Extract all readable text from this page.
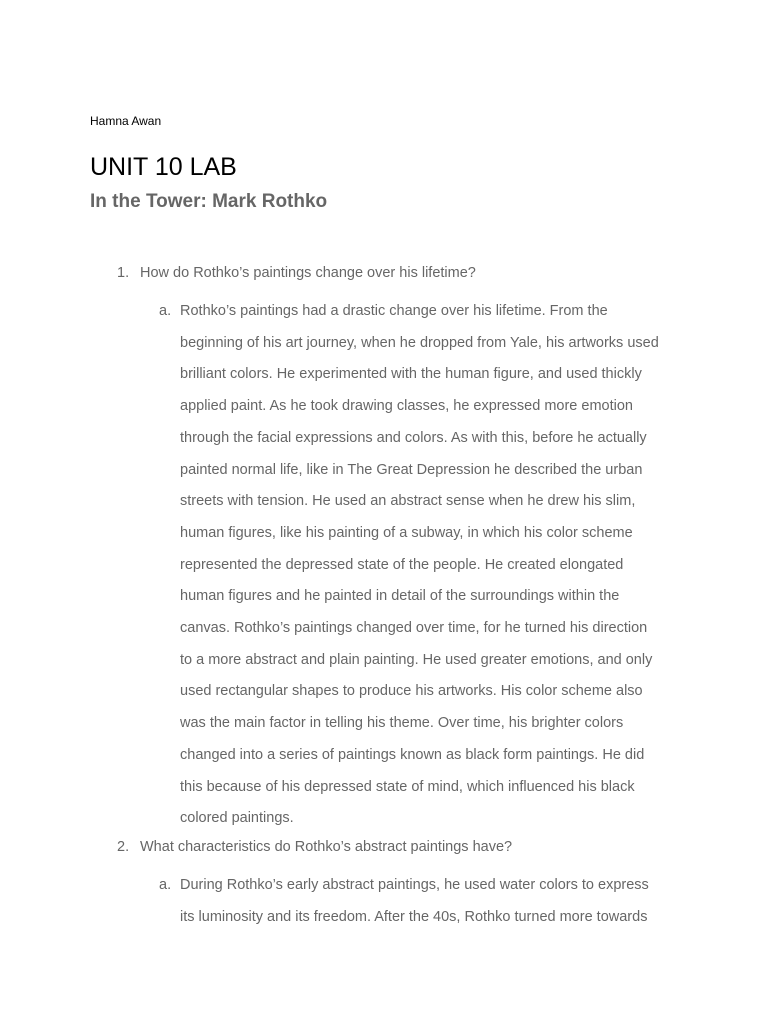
Hamna Awan
UNIT 10 LAB
In the Tower: Mark Rothko
1. How do Rothko’s paintings change over his lifetime?
a. Rothko’s paintings had a drastic change over his lifetime. From the
beginning of his art journey, when he dropped from Yale, his artworks used
brilliant colors. He experimented with the human figure, and used thickly
applied paint. As he took drawing classes, he expressed more emotion
through the facial expressions and colors. As with this, before he actually
painted normal life, like in The Great Depression he described the urban
streets with tension. He used an abstract sense when he drew his slim,
human figures, like his painting of a subway, in which his color scheme
represented the depressed state of the people. He created elongated
human figures and he painted in detail of the surroundings within the
canvas. Rothko’s paintings changed over time, for he turned his direction
to a more abstract and plain painting. He used greater emotions, and only
used rectangular shapes to produce his artworks. His color scheme also
was the main factor in telling his theme. Over time, his brighter colors
changed into a series of paintings known as black form paintings. He did
this because of his depressed state of mind, which influenced his black
colored paintings.

2. What characteristics do Rothko’s abstract paintings have?
a. During Rothko’s early abstract paintings, he used water colors to express
its luminosity and its freedom. After the 40s, Rothko turned more towards
